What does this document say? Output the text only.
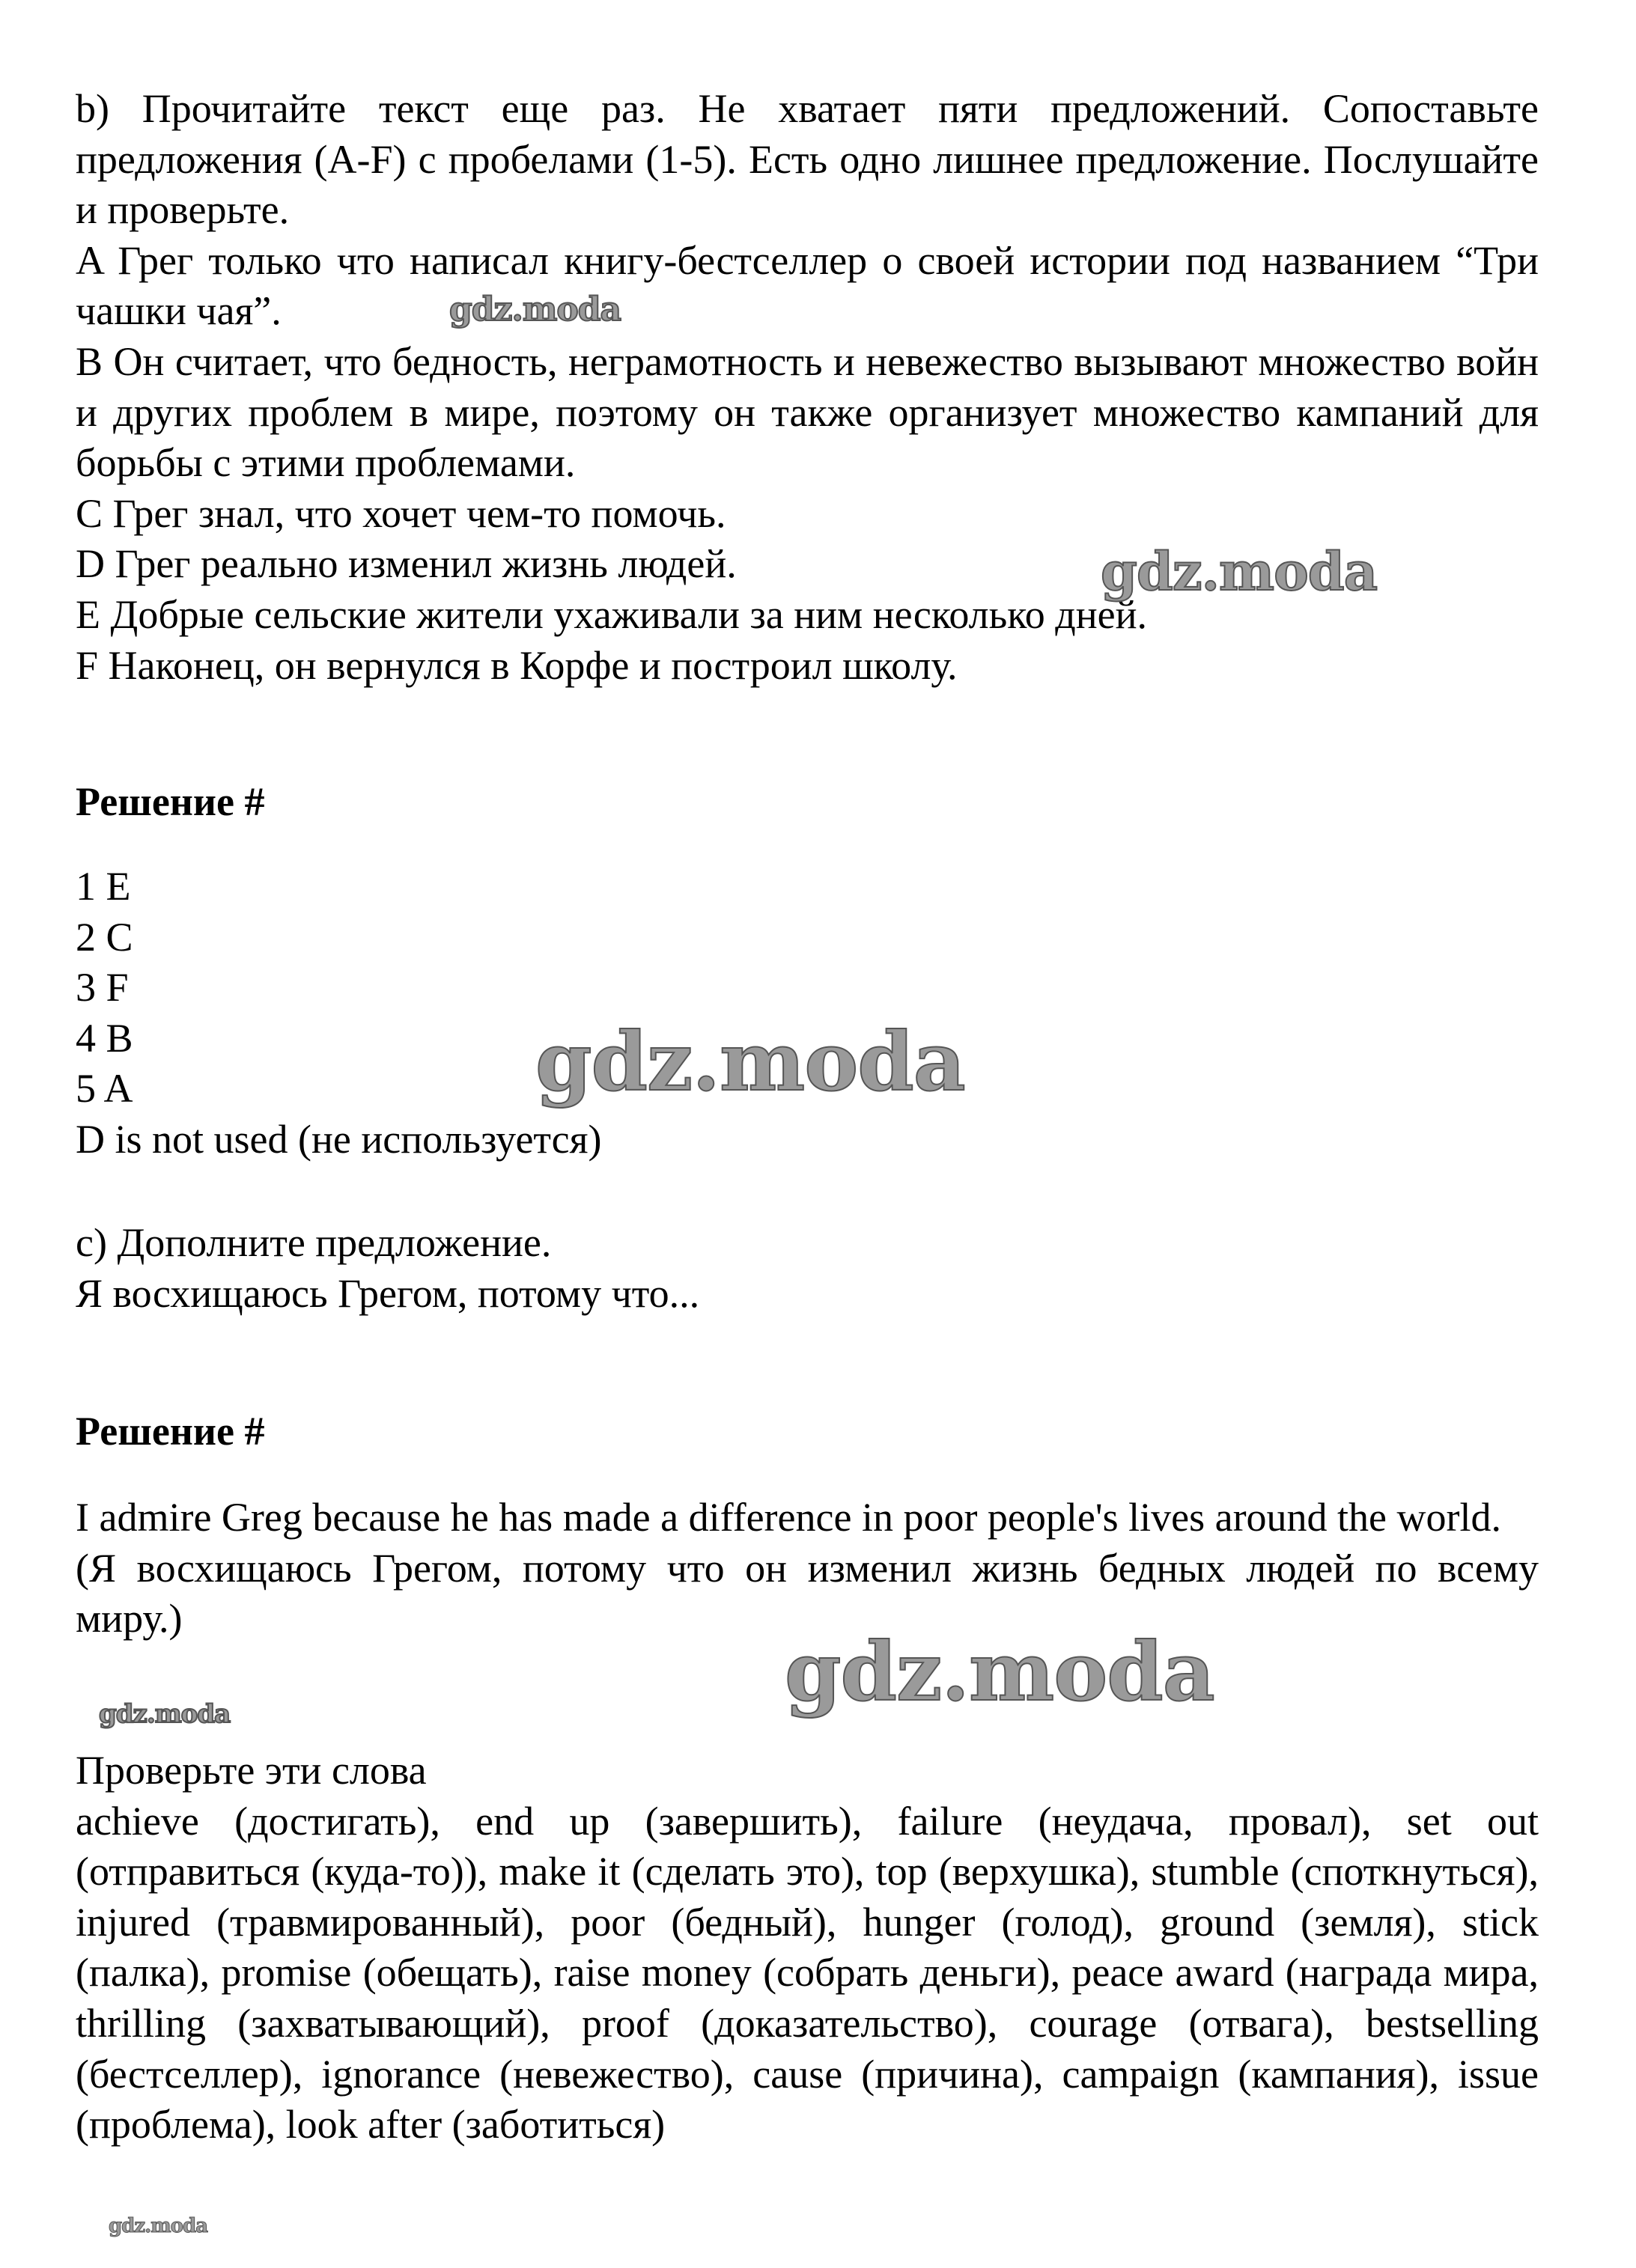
b) Прочитайте текст еще раз. Не хватает пяти предложений. Сопоставьте предложения (A-F) с пробелами (1-5). Есть одно лишнее предложение. Послушайте и проверьте.

A Грег только что написал книгу-бестселлер о своей истории под названием “Три чашки чая”.

B Он считает, что бедность, неграмотность и невежество вызывают множество войн и других проблем в мире, поэтому он также организует множество кампаний для борьбы с этими проблемами.

C Грег знал, что хочет чем-то помочь.

D Грег реально изменил жизнь людей.

E Добрые сельские жители ухаживали за ним несколько дней.

F Наконец, он вернулся в Корфе и построил школу.

Решение #

1 E

2 C

3 F

4 B

5 A

D is not used (не используется)

c) Дополните предложение.

Я восхищаюсь Грегом, потому что...

Решение #

I admire Greg because he has made a difference in poor people's lives around the world.

(Я восхищаюсь Грегом, потому что он изменил жизнь бедных людей по всему миру.)

Проверьте эти слова

achieve (достигать), end up (завершить), failure (неудача, провал), set out (отправиться (куда-то)), make it (сделать это), top (верхушка), stumble (споткнуться), injured (травмированный), poor (бедный), hunger (голод), ground (земля), stick (палка), promise (обещать), raise money (собрать деньги), peace award (награда мира, thrilling (захватывающий), proof (доказательство), courage (отвага), bestselling (бестселлер), ignorance (невежество), cause (причина), campaign (кампания), issue (проблема), look after (заботиться)

gdz.moda
gdz.moda
gdz.moda
gdz.moda
gdz.moda
gdz.moda
